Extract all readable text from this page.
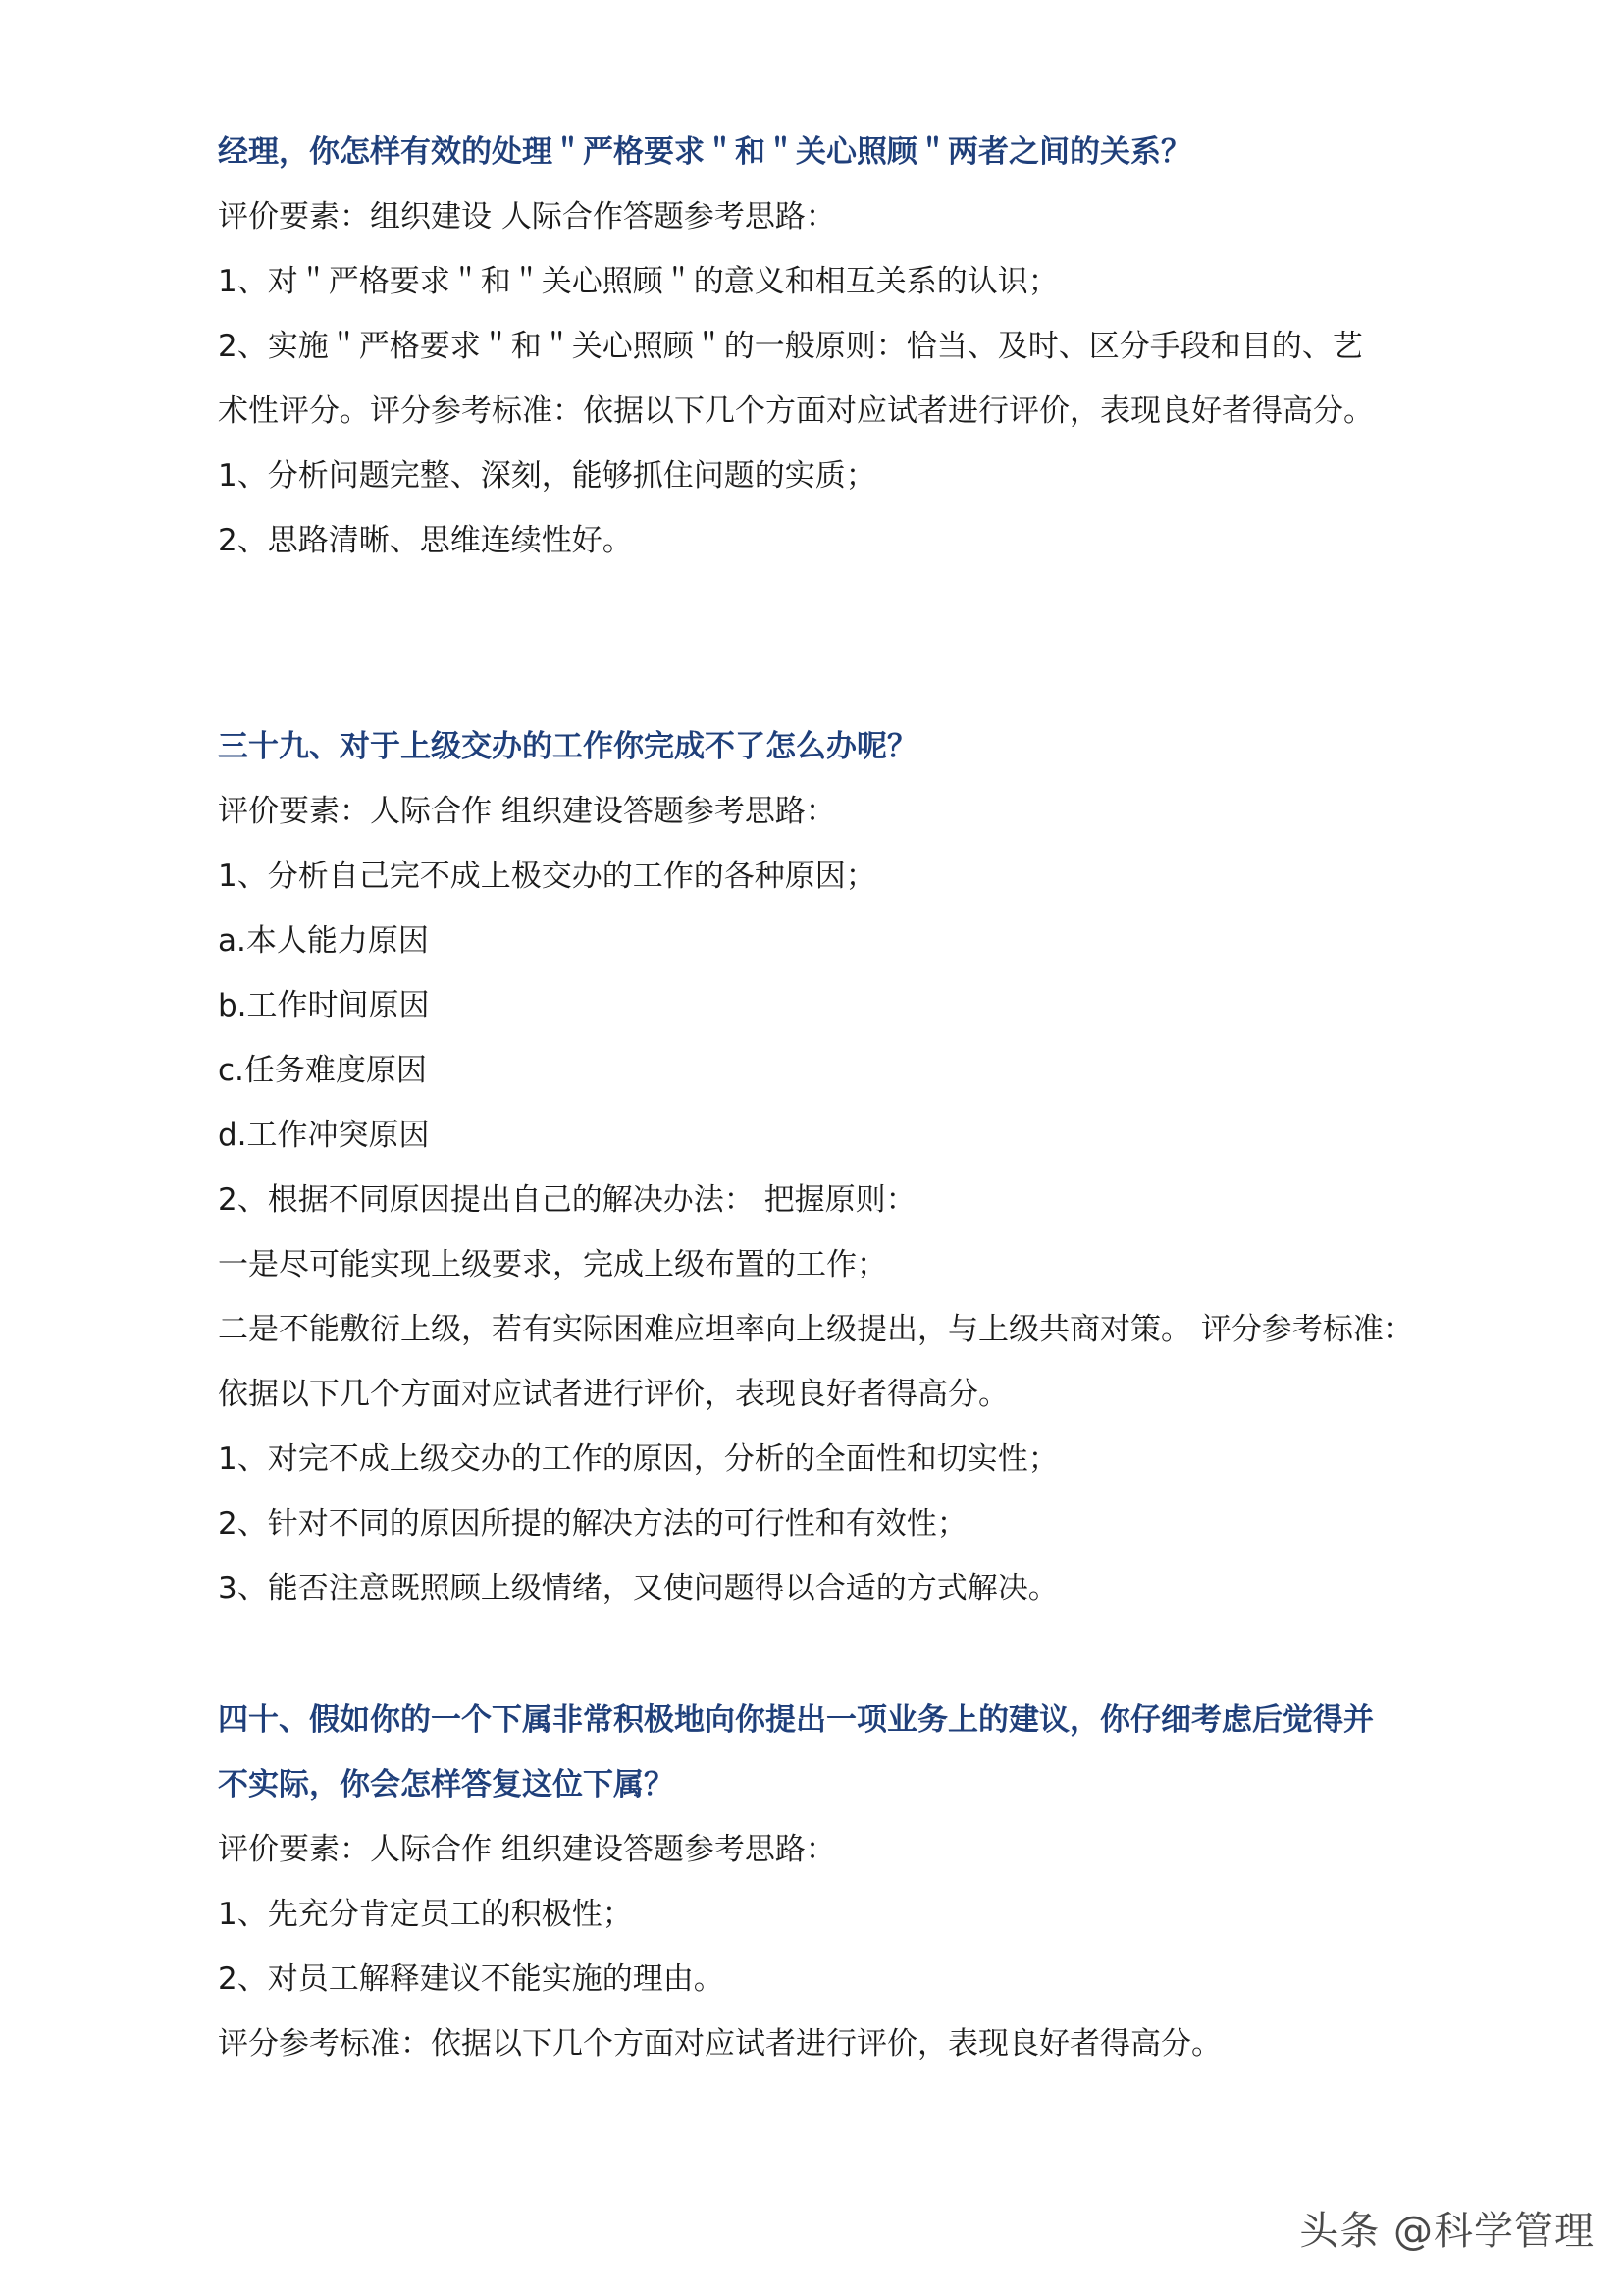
经理，你怎样有效的处理＂严格要求＂和＂关心照顾＂两者之间的关系？

评价要素：组织建设 人际合作答题参考思路：

1、对＂严格要求＂和＂关心照顾＂的意义和相互关系的认识；

2、实施＂严格要求＂和＂关心照顾＂的一般原则：恰当、及时、区分手段和目的、艺

术性评分。评分参考标准：依据以下几个方面对应试者进行评价，表现良好者得高分。

1、分析问题完整、深刻，能够抓住问题的实质；

2、思路清晰、思维连续性好。

三十九、对于上级交办的工作你完成不了怎么办呢？

评价要素：人际合作 组织建设答题参考思路：

1、分析自己完不成上极交办的工作的各种原因；

a.本人能力原因

b.工作时间原因

c.任务难度原因

d.工作冲突原因

2、根据不同原因提出自己的解决办法： 把握原则：

一是尽可能实现上级要求，完成上级布置的工作；

二是不能敷衍上级，若有实际困难应坦率向上级提出，与上级共商对策。 评分参考标准：

依据以下几个方面对应试者进行评价，表现良好者得高分。

1、对完不成上级交办的工作的原因，分析的全面性和切实性；

2、针对不同的原因所提的解决方法的可行性和有效性；

3、能否注意既照顾上级情绪，又使问题得以合适的方式解决。

四十、假如你的一个下属非常积极地向你提出一项业务上的建议，你仔细考虑后觉得并

不实际，你会怎样答复这位下属？

评价要素：人际合作 组织建设答题参考思路：

1、先充分肯定员工的积极性；

2、对员工解释建议不能实施的理由。

评分参考标准：依据以下几个方面对应试者进行评价，表现良好者得高分。

头条 @科学管理
